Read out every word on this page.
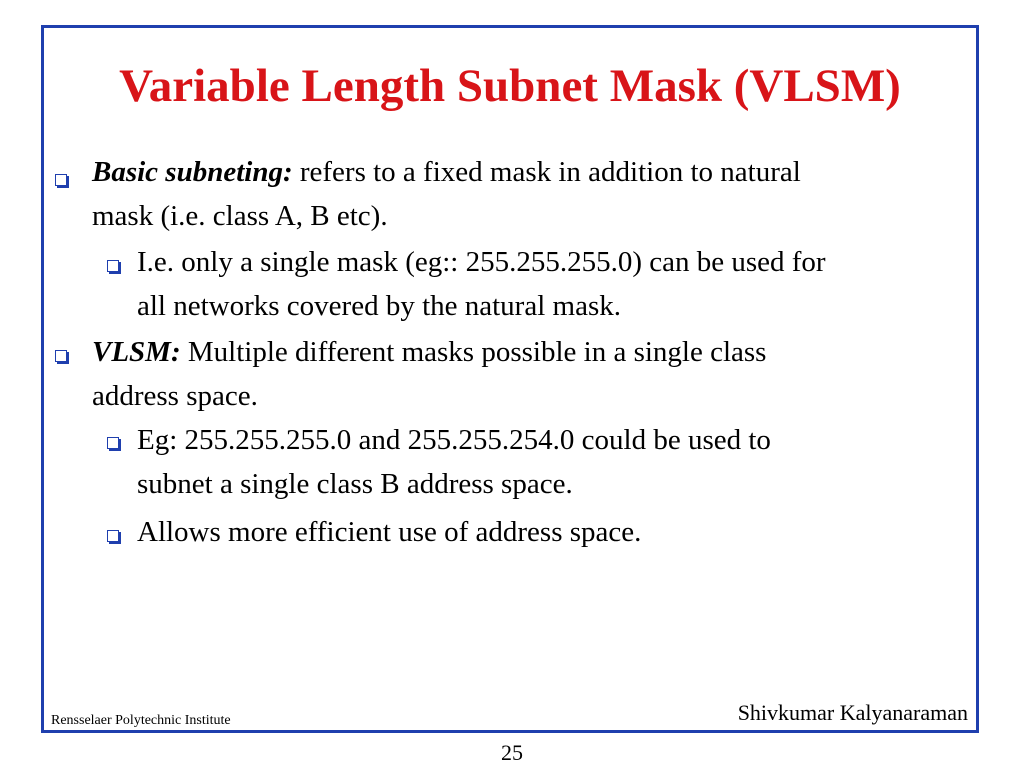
Variable Length Subnet Mask (VLSM)
Basic subneting: refers to a fixed mask in addition to natural
mask (i.e. class A, B etc).
I.e. only a single mask (eg:: 255.255.255.0) can be used for
all networks covered by the natural mask.
VLSM: Multiple different masks possible in a single class
address space.
Eg: 255.255.255.0 and 255.255.254.0 could be used to
subnet a single class B address space.
Allows more efficient use of address space.
Rensselaer Polytechnic Institute	Shivkumar Kalyanaraman
25
